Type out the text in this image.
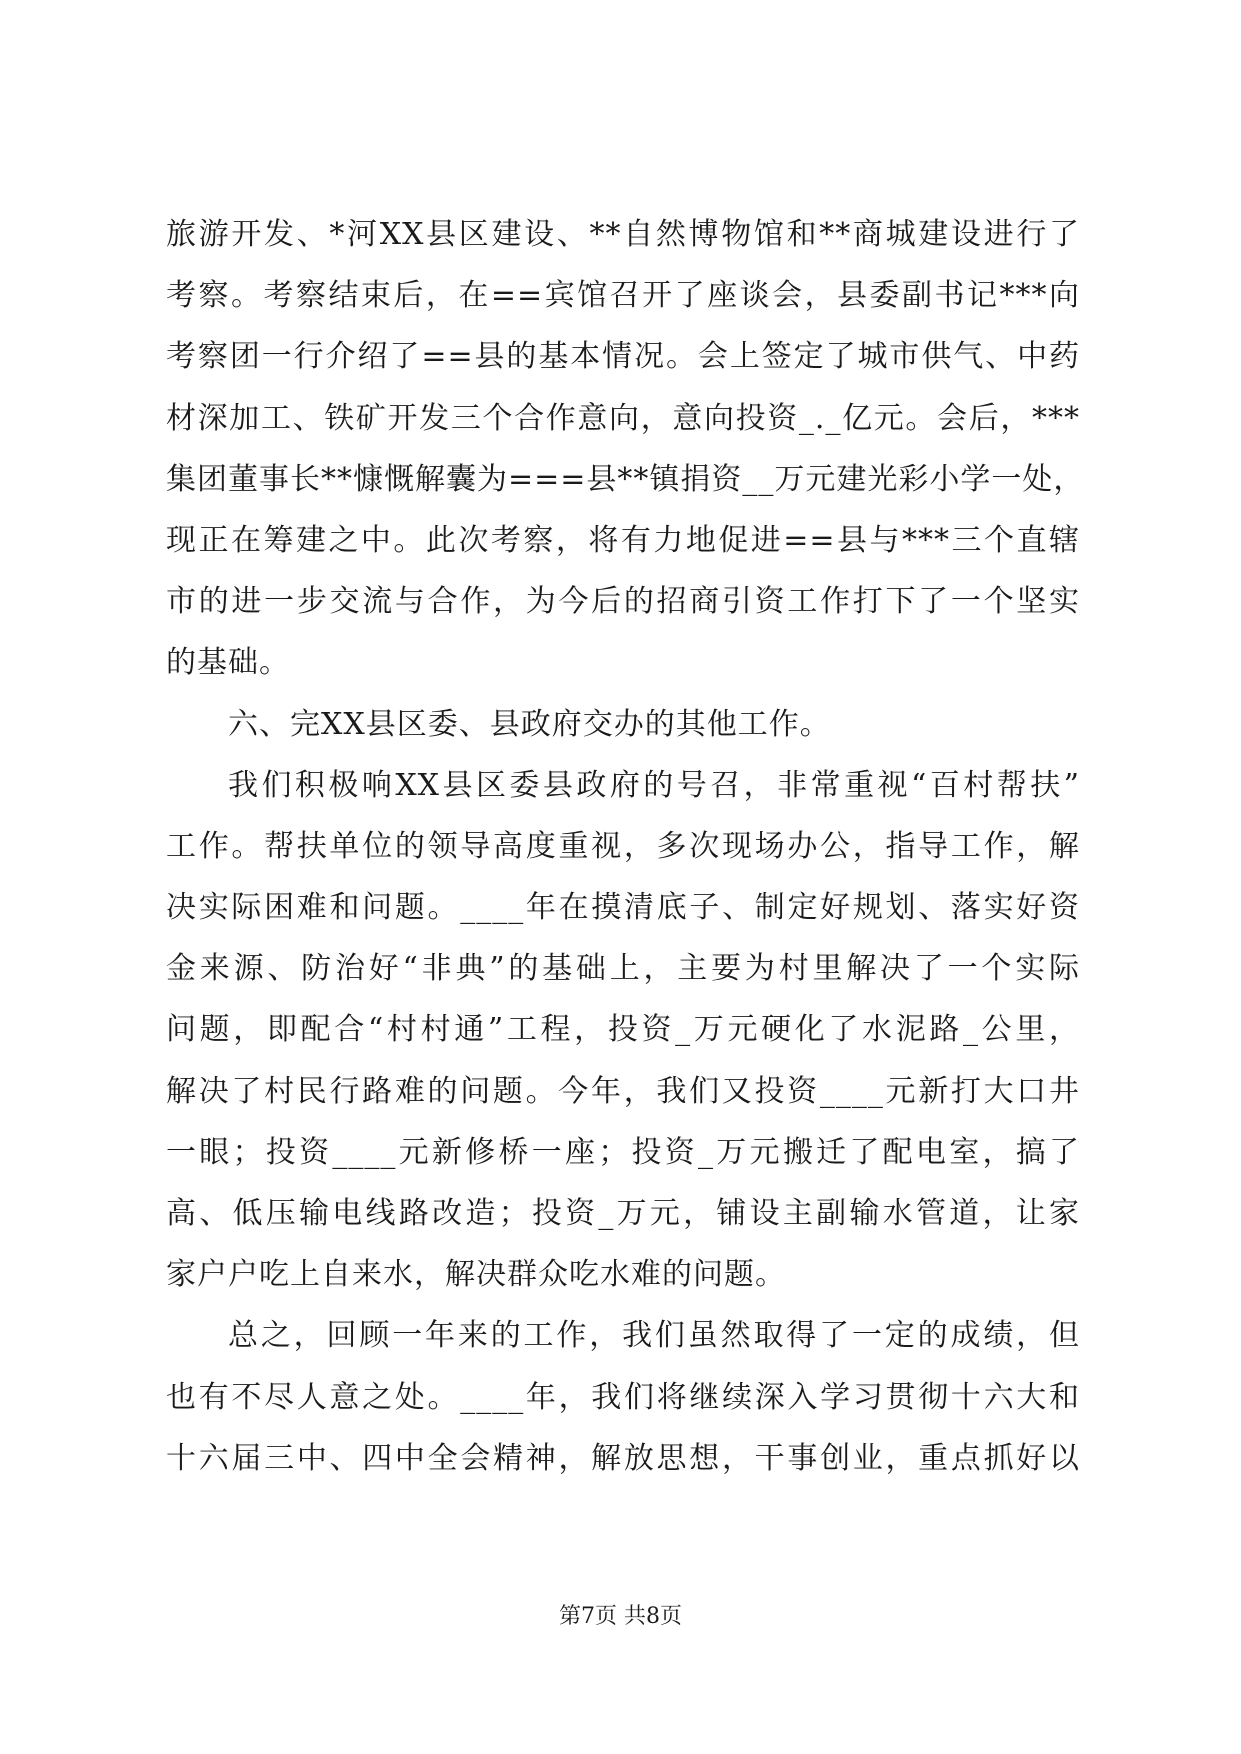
旅游开发、*河XX县区建设、**自然博物馆和**商城建设进行了
考察。考察结束后，在==宾馆召开了座谈会，县委副书记***向
考察团一行介绍了==县的基本情况。会上签定了城市供气、中药
材深加工、铁矿开发三个合作意向，意向投资_._亿元。会后，***
集团董事长**慷慨解囊为===县**镇捐资__万元建光彩小学一处，
现正在筹建之中。此次考察，将有力地促进==县与***三个直辖
市的进一步交流与合作，为今后的招商引资工作打下了一个坚实
的基础。
六、完XX县区委、县政府交办的其他工作。
我们积极响XX县区委县政府的号召，非常重视“百村帮扶”
工作。帮扶单位的领导高度重视，多次现场办公，指导工作，解
决实际困难和问题。____年在摸清底子、制定好规划、落实好资
金来源、防治好“非典”的基础上，主要为村里解决了一个实际
问题，即配合“村村通”工程，投资_万元硬化了水泥路_公里，
解决了村民行路难的问题。今年，我们又投资____元新打大口井
一眼；投资____元新修桥一座；投资_万元搬迁了配电室，搞了
高、低压输电线路改造；投资_万元，铺设主副输水管道，让家
家户户吃上自来水，解决群众吃水难的问题。
总之，回顾一年来的工作，我们虽然取得了一定的成绩，但
也有不尽人意之处。____年，我们将继续深入学习贯彻十六大和
十六届三中、四中全会精神，解放思想，干事创业，重点抓好以
第7页 共8页
